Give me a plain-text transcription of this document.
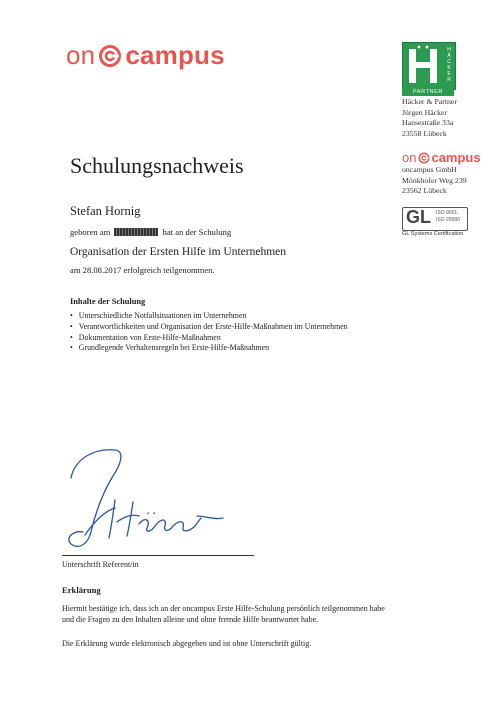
on campus	H
Ä
C
K
E
R
PARTNER
Häcker & Partner
Jürgen Häcker
Hansestraße 33a
23558 Lübeck
on campus
oncampus GmbH
Mönkhofer Weg 239
23562 Lübeck
GL ISO 9001
ISO 29990
GL Systems Certification
Schulungsnachweis
Stefan Hornig
geboren am	hat an der Schulung
Organisation der Ersten Hilfe im Unternehmen
am 28.08.2017 erfolgreich teilgenommen.
Inhalte der Schulung
• Unterschiedliche Notfallsituationen im Unternehmen
• Verantwortlichkeiten und Organisation der Erste-Hilfe-Maßnahmen im Unternehmen
• Dokumentation von Erste-Hilfe-Maßnahmen
• Grundlegende Verhaltensregeln bei Erste-Hilfe-Maßnahmen
Unterschrift Referent/in
Erklärung
Hiermit bestätige ich, dass ich an der oncampus Erste Hilfe-Schulung persönlich teilgenommen habe
und die Fragen zu den Inhalten alleine und ohne fremde Hilfe beantwortet habe.
Die Erklärung wurde elektronisch abgegeben und ist ohne Unterschrift gültig.
